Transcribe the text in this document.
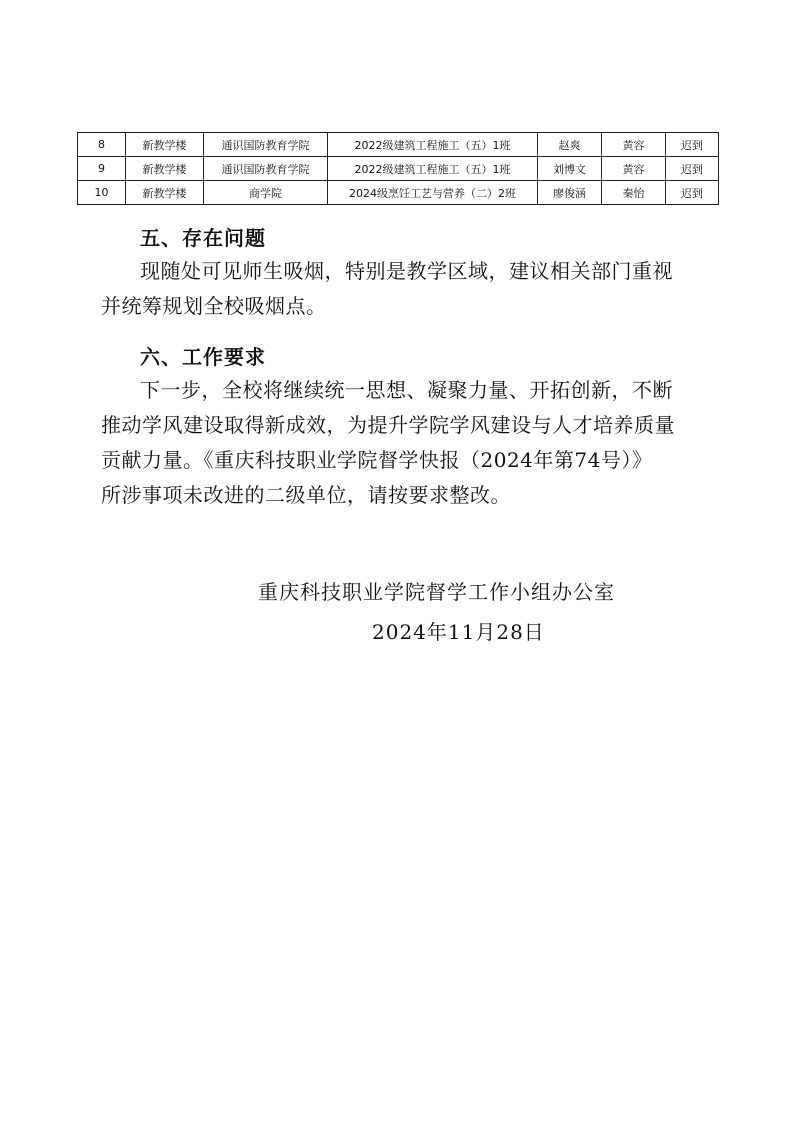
8	新教学楼	通识国防教育学院	2022级建筑工程施工（五）1班	赵爽	黄容	迟到
9	新教学楼	通识国防教育学院	2022级建筑工程施工（五）1班	刘博文	黄容	迟到
10	新教学楼	商学院	2024级烹饪工艺与营养（二）2班	廖俊涵	秦怡	迟到
五、存在问题
现随处可见师生吸烟，特别是教学区域，建议相关部门重视
并统筹规划全校吸烟点。
六、工作要求
下一步，全校将继续统一思想、凝聚力量、开拓创新，不断
推动学风建设取得新成效，为提升学院学风建设与人才培养质量
贡献力量。《重庆科技职业学院督学快报（2024年第74号）》
所涉事项未改进的二级单位，请按要求整改。

重庆科技职业学院督学工作小组办公室

2024年11月28日
